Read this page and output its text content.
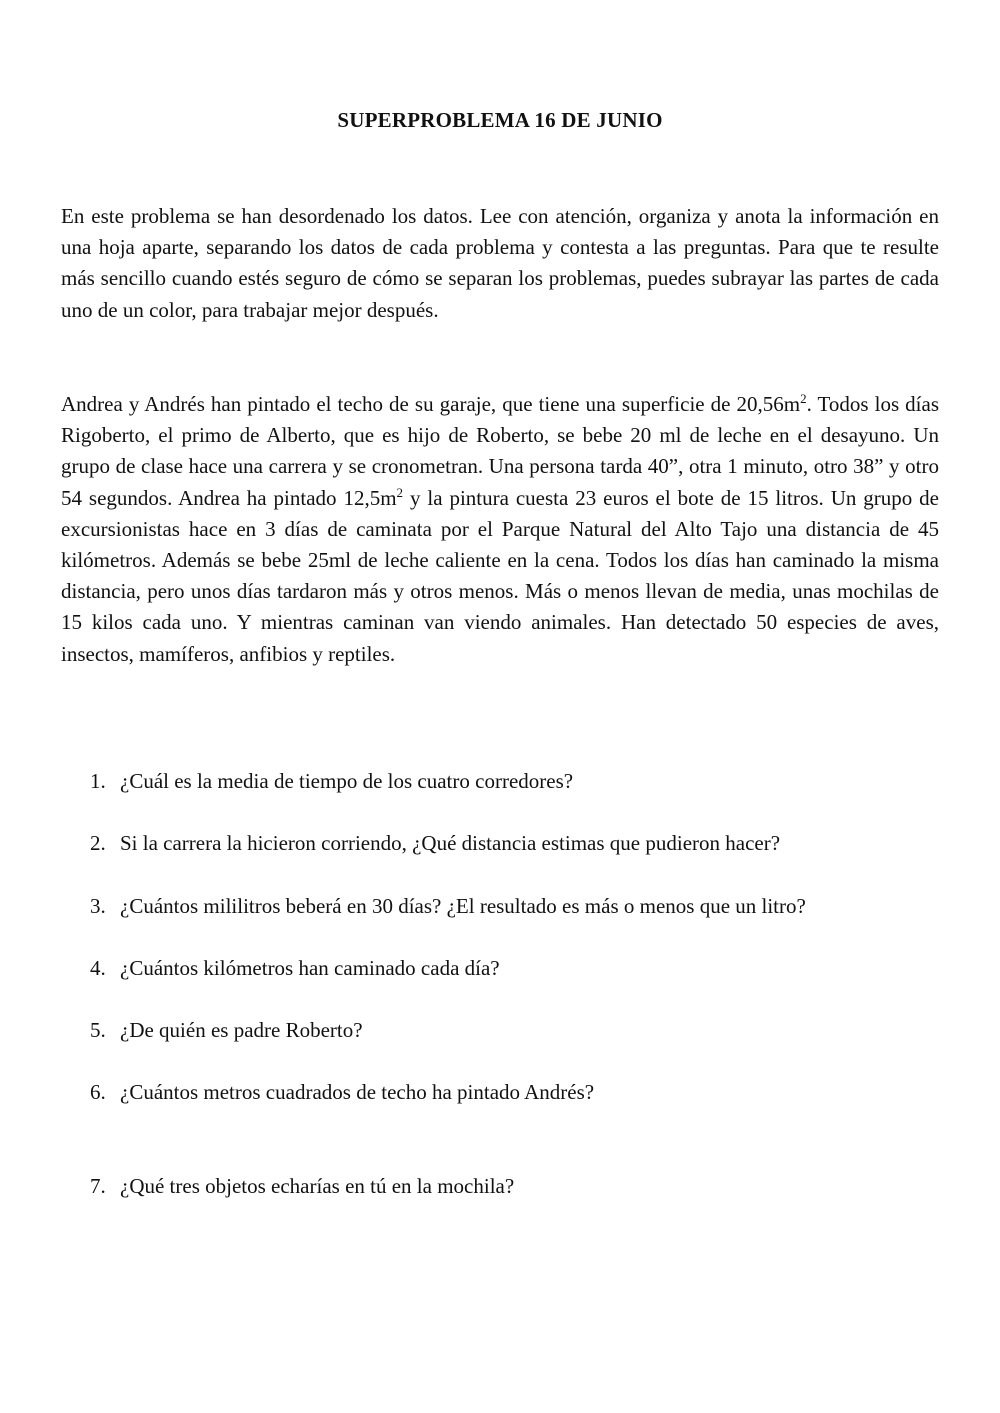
SUPERPROBLEMA 16 DE JUNIO

En este problema se han desordenado los datos. Lee con atención, organiza y anota la información en una hoja aparte, separando los datos de cada problema y contesta a las preguntas. Para que te resulte más sencillo cuando estés seguro de cómo se separan los problemas, puedes subrayar las partes de cada uno de un color, para trabajar mejor después.

Andrea y Andrés han pintado el techo de su garaje, que tiene una superficie de $20,56m^2$. Todos los días Rigoberto, el primo de Alberto, que es hijo de Roberto, se bebe 20 ml de leche en el desayuno. Un grupo de clase hace una carrera y se cronometran. Una persona tarda 40”, otra 1 minuto, otro 38” y otro 54 segundos. Andrea ha pintado $12,5m^2$ y la pintura cuesta 23 euros el bote de 15 litros. Un grupo de excursionistas hace en 3 días de caminata por el Parque Natural del Alto Tajo una distancia de 45 kilómetros. Además se bebe 25ml de leche caliente en la cena. Todos los días han caminado la misma distancia, pero unos días tardaron más y otros menos. Más o menos llevan de media, unas mochilas de 15 kilos cada uno. Y mientras caminan van viendo animales. Han detectado 50 especies de aves, insectos, mamíferos, anfibios y reptiles.

1. ¿Cuál es la media de tiempo de los cuatro corredores?
2. Si la carrera la hicieron corriendo, ¿Qué distancia estimas que pudieron hacer?
3. ¿Cuántos mililitros beberá en 30 días? ¿El resultado es más o menos que un litro?
4. ¿Cuántos kilómetros han caminado cada día?
5. ¿De quién es padre Roberto?
6. ¿Cuántos metros cuadrados de techo ha pintado Andrés?
7. ¿Qué tres objetos echarías en tú en la mochila?
